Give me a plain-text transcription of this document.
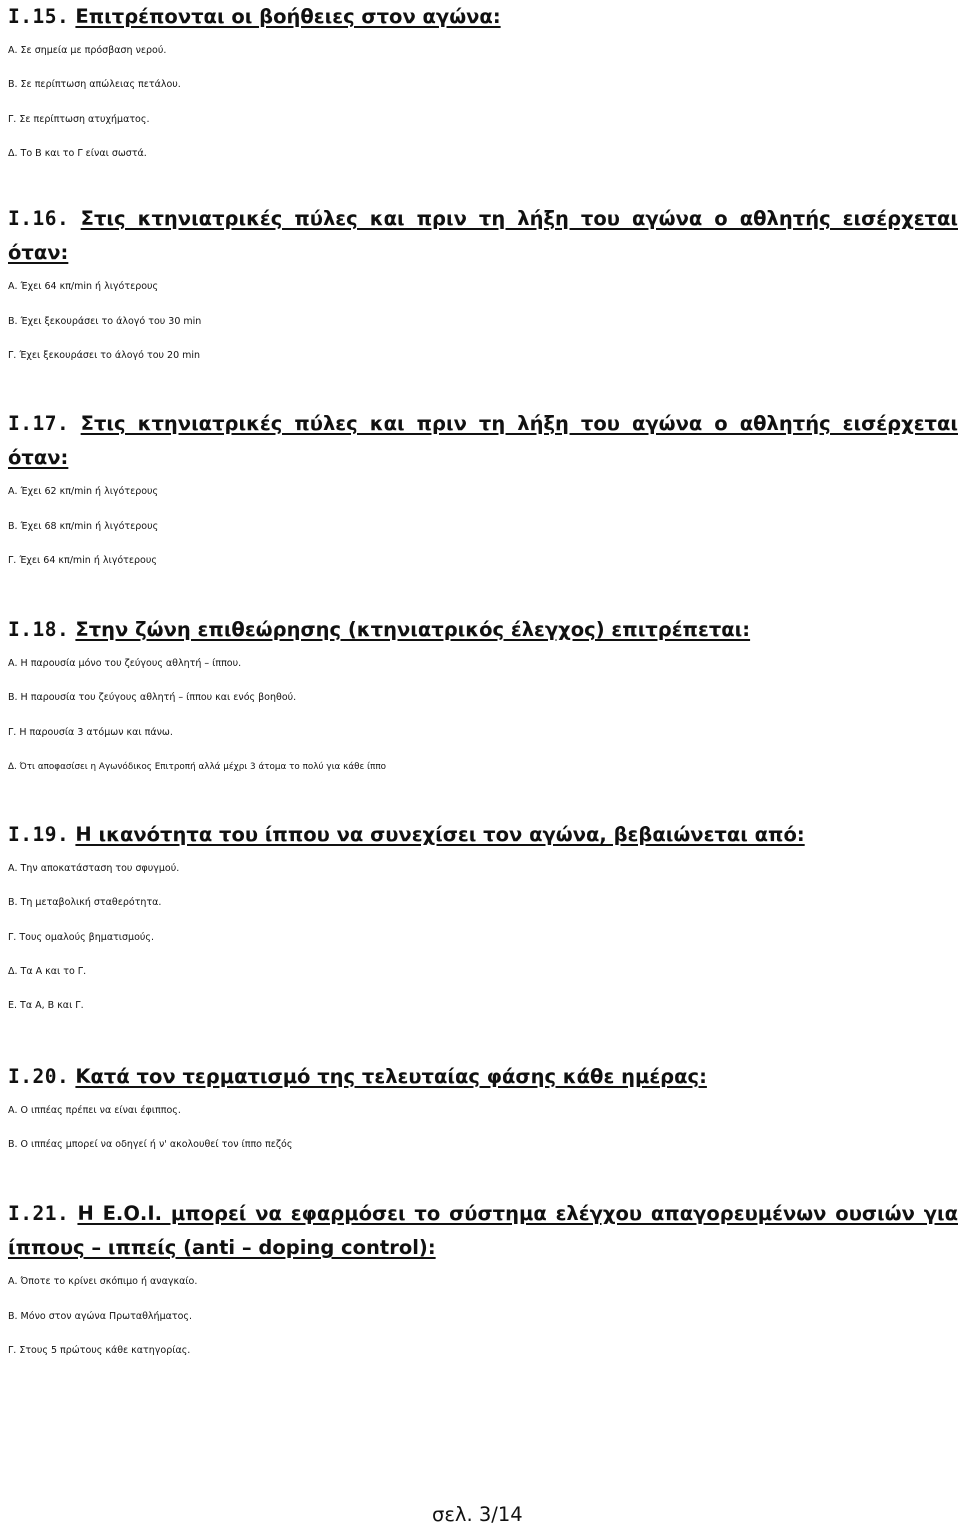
I.15. Επιτρέπονται οι βοήθειες στον αγώνα:
Α. Σε σημεία με πρόσβαση νερού.
Β. Σε περίπτωση απώλειας πετάλου.
Γ. Σε περίπτωση ατυχήματος.
Δ. Το Β και το Γ είναι σωστά.
I.16. Στις κτηνιατρικές πύλες και πριν τη λήξη του αγώνα ο αθλητής εισέρχεται όταν:
Α. Έχει 64 κπ/min ή λιγότερους
Β. Έχει ξεκουράσει το άλογό του 30 min
Γ. Έχει ξεκουράσει το άλογό του 20 min
I.17. Στις κτηνιατρικές πύλες και πριν τη λήξη του αγώνα ο αθλητής εισέρχεται όταν:
Α. Έχει 62 κπ/min ή λιγότερους
Β. Έχει 68 κπ/min ή λιγότερους
Γ. Έχει 64 κπ/min ή λιγότερους
I.18. Στην ζώνη επιθεώρησης (κτηνιατρικός έλεγχος) επιτρέπεται:
Α. Η παρουσία μόνο του ζεύγους αθλητή – ίππου.
Β. Η παρουσία του ζεύγους αθλητή – ίππου και ενός βοηθού.
Γ. Η παρουσία 3 ατόμων και πάνω.
Δ. Ότι αποφασίσει η Αγωνόδικος Επιτροπή αλλά μέχρι 3 άτομα το πολύ για κάθε ίππο
I.19. Η ικανότητα του ίππου να συνεχίσει τον αγώνα, βεβαιώνεται από:
Α. Την αποκατάσταση του σφυγμού.
Β. Τη μεταβολική σταθερότητα.
Γ. Τους ομαλούς βηματισμούς.
Δ. Τα Α και το Γ.
Ε. Τα Α, Β και Γ.
I.20. Κατά τον τερματισμό της τελευταίας φάσης κάθε ημέρας:
Α. Ο ιππέας πρέπει να είναι έφιππος.
Β. Ο ιππέας μπορεί να οδηγεί ή ν' ακολουθεί τον ίππο πεζός
I.21. Η Ε.Ο.Ι. μπορεί να εφαρμόσει το σύστημα ελέγχου απαγορευμένων ουσιών για ίππους – ιππείς (anti – doping control):
Α. Όποτε το κρίνει σκόπιμο ή αναγκαίο.
Β. Μόνο στον αγώνα Πρωταθλήματος.
Γ. Στους 5 πρώτους κάθε κατηγορίας.
σελ. 3/14
